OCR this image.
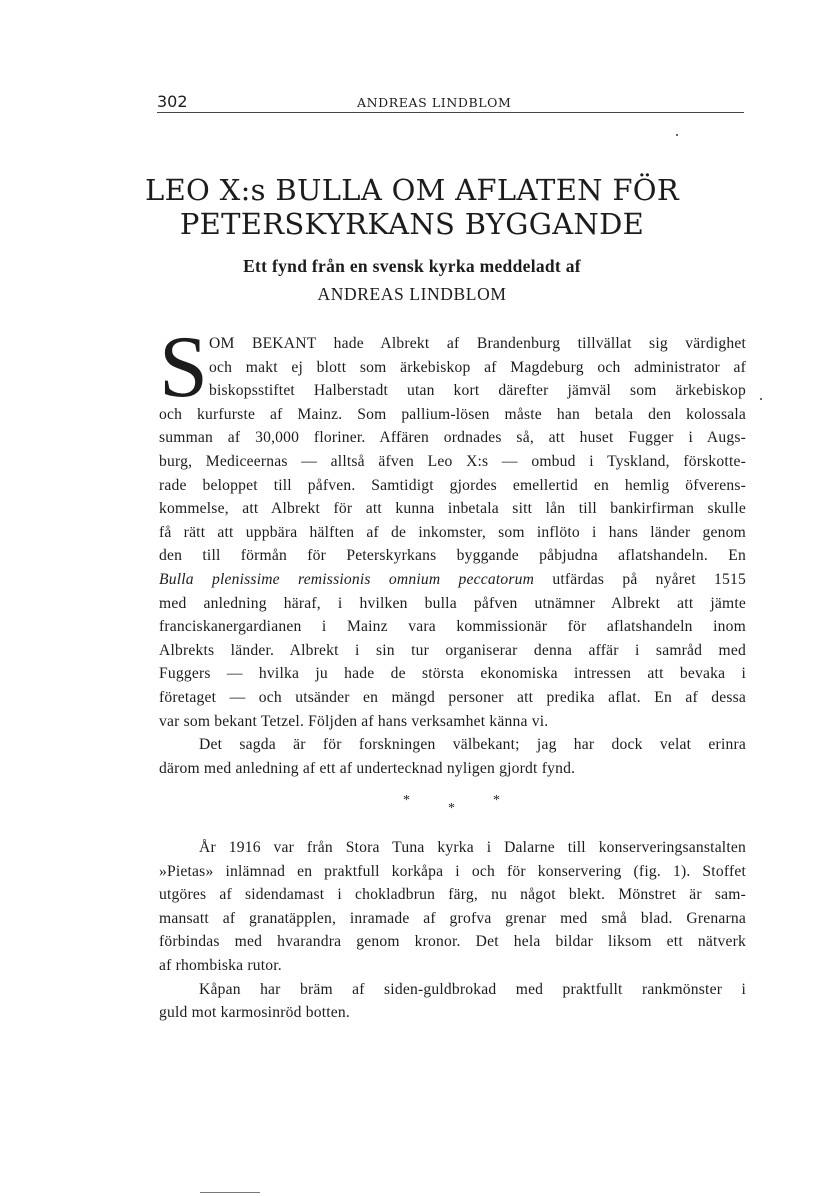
302	ANDREAS LINDBLOM
LEO X:s BULLA OM AFLATEN FÖR
PETERSKYRKANS BYGGANDE
Ett fynd från en svensk kyrka meddeladt af
ANDREAS LINDBLOM
S OM BEKANT hade Albrekt af Brandenburg tillvällat sig värdighet
och makt ej blott som ärkebiskop af Magdeburg och administrator af
biskopsstiftet Halberstadt utan kort därefter jämväl som ärkebiskop
och kurfurste af Mainz. Som pallium-lösen måste han betala den kolossala
summan af 30,000 floriner. Affären ordnades så, att huset Fugger i Augs-
burg, Mediceernas — alltså äfven Leo X:s — ombud i Tyskland, förskotte-
rade beloppet till påfven. Samtidigt gjordes emellertid en hemlig öfverens-
kommelse, att Albrekt för att kunna inbetala sitt lån till bankirfirman skulle
få rätt att uppbära hälften af de inkomster, som inflöto i hans länder genom
den till förmån för Peterskyrkans byggande påbjudna aflatshandeln. En
Bulla plenissime remissionis omnium peccatorum utfärdas på nyåret 1515
med anledning häraf, i hvilken bulla påfven utnämner Albrekt att jämte
franciskanergardianen i Mainz vara kommissionär för aflatshandeln inom
Albrekts länder. Albrekt i sin tur organiserar denna affär i samråd med
Fuggers — hvilka ju hade de största ekonomiska intressen att bevaka i
företaget — och utsänder en mängd personer att predika aflat. En af dessa
var som bekant Tetzel. Följden af hans verksamhet känna vi.
Det sagda är för forskningen välbekant; jag har dock velat erinra
därom med anledning af ett af undertecknad nyligen gjordt fynd.
*
*
*
År 1916 var från Stora Tuna kyrka i Dalarne till konserveringsanstalten
»Pietas» inlämnad en praktfull korkåpa i och för konservering (fig. 1). Stoffet
utgöres af sidendamast i chokladbrun färg, nu något blekt. Mönstret är sam-
mansatt af granatäpplen, inramade af grofva grenar med små blad. Grenarna
förbindas med hvarandra genom kronor. Det hela bildar liksom ett nätverk
af rhombiska rutor.
Kåpan har bräm af siden-guldbrokad med praktfullt rankmönster i
guld mot karmosinröd botten.
